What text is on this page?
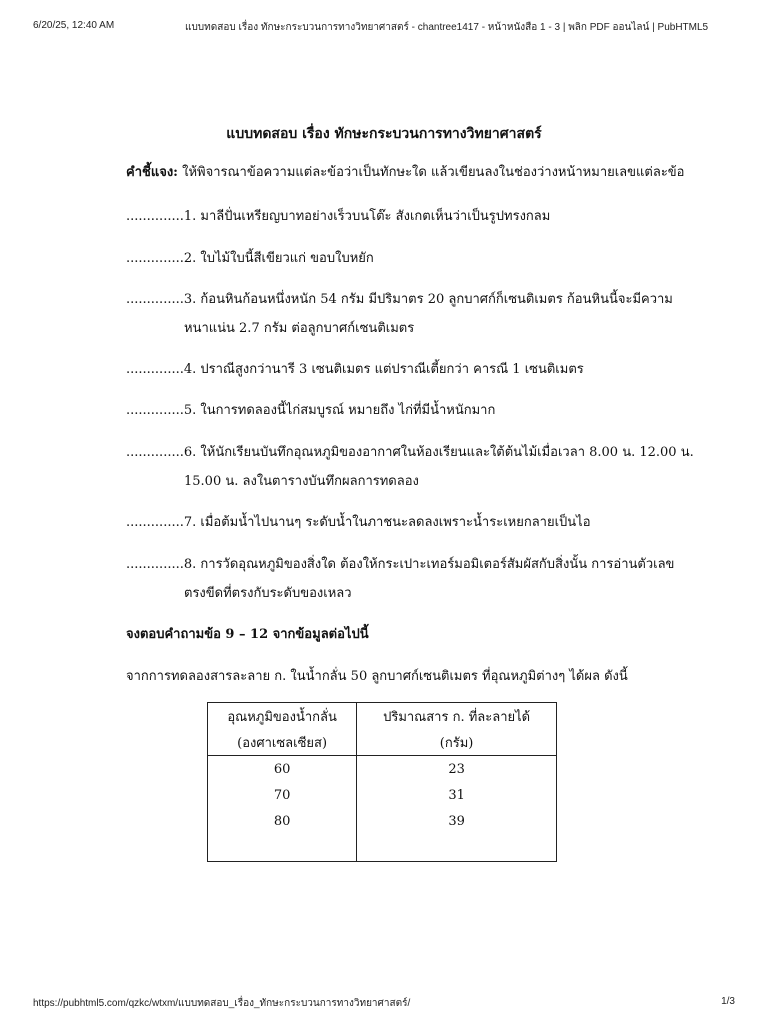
6/20/25, 12:40 AM	แบบทดสอบ เรื่อง ทักษะกระบวนการทางวิทยาศาสตร์ - chantree1417 - หน้าหนังสือ 1 - 3 | พลิก PDF ออนไลน์ | PubHTML5
แบบทดสอบ เรื่อง ทักษะกระบวนการทางวิทยาศาสตร์
คำชี้แจง: ให้พิจารณาข้อความแต่ละข้อว่าเป็นทักษะใด แล้วเขียนลงในช่องว่างหน้าหมายเลขแต่ละข้อ
..............1. มาลีปั่นเหรียญบาทอย่างเร็วบนโต๊ะ สังเกตเห็นว่าเป็นรูปทรงกลม
..............2. ใบไม้ใบนี้สีเขียวแก่ ขอบใบหยัก
..............3. ก้อนหินก้อนหนึ่งหนัก 54 กรัม มีปริมาตร 20 ลูกบาศก์ก็เซนติเมตร ก้อนหินนี้จะมีความ
หนาแน่น 2.7 กรัม ต่อลูกบาศก์เซนติเมตร
..............4. ปราณีสูงกว่านารี 3 เซนติเมตร แต่ปราณีเตี้ยกว่า คารณี 1 เซนติเมตร
..............5. ในการทดลองนี้ไก่สมบูรณ์ หมายถึง ไก่ที่มีน้ำหนักมาก
..............6. ให้นักเรียนบันทึกอุณหภูมิของอากาศในห้องเรียนและใต้ต้นไม้เมื่อเวลา 8.00 น. 12.00 น.
15.00 น. ลงในตารางบันทึกผลการทดลอง
..............7. เมื่อต้มน้ำไปนานๆ ระดับน้ำในภาชนะลดลงเพราะน้ำระเหยกลายเป็นไอ
..............8. การวัดอุณหภูมิของสิ่งใด ต้องให้กระเปาะเทอร์มอมิเตอร์สัมผัสกับสิ่งนั้น การอ่านตัวเลข
ตรงขีดที่ตรงกับระดับของเหลว
จงตอบคำถามข้อ 9 – 12 จากข้อมูลต่อไปนี้
จากการทดลองสารละลาย ก. ในน้ำกลั่น 50 ลูกบาศก์เซนติเมตร ที่อุณหภูมิต่างๆ ได้ผล ดังนี้
อุณหภูมิของน้ำกลั่น	ปริมาณสาร ก. ที่ละลายได้
(องศาเซลเซียส)	(กรัม)
60	23
70	31
80	39

https://pubhtml5.com/qzkc/wtxm/แบบทดสอบ_เรื่อง_ทักษะกระบวนการทางวิทยาศาสตร์/	1/3
